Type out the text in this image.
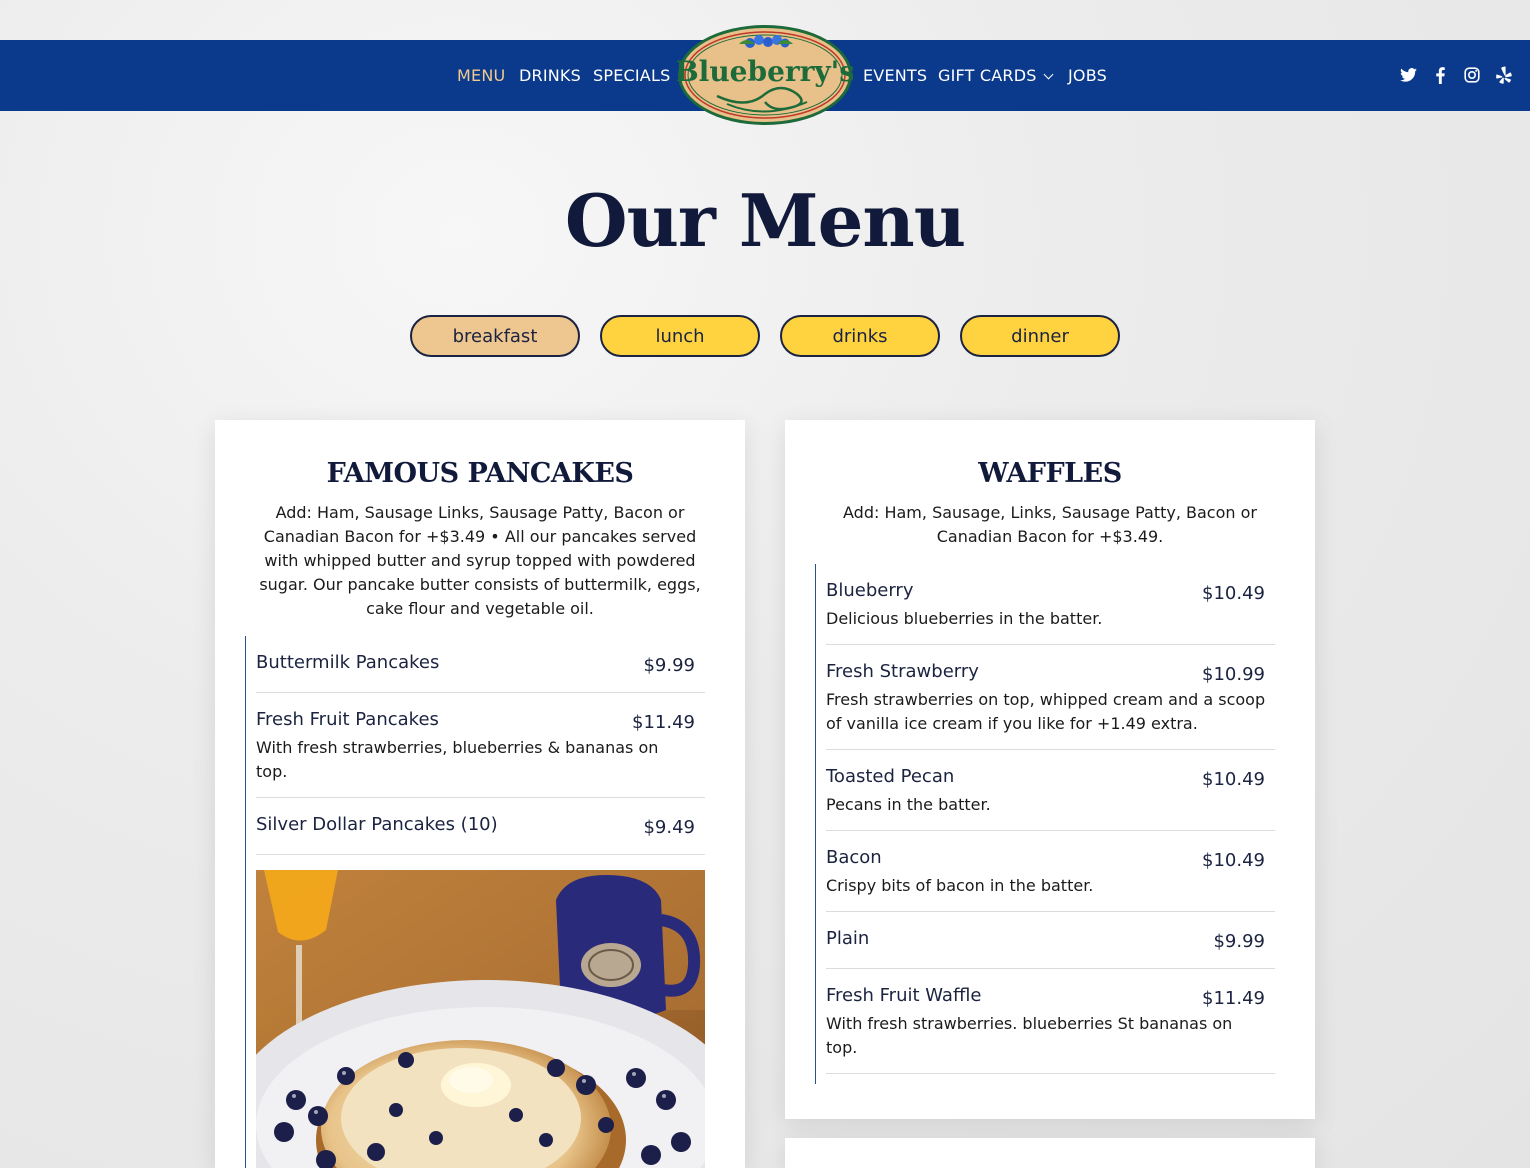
MENU DRINKS SPECIALS	EVENTS GIFT CARDS	JOBS
Blueberry's
Our Menu
breakfast	lunch	drinks	dinner
FAMOUS PANCAKES

Add: Ham, Sausage Links, Sausage Patty, Bacon or Canadian Bacon for +$3.49 • All our pancakes served with whipped butter and syrup topped with powdered sugar. Our pancake butter consists of buttermilk, eggs, cake flour and vegetable oil.

Buttermilk Pancakes	$9.99
Fresh Fruit Pancakes	$11.49

With fresh strawberries, blueberries & bananas on top.

Silver Dollar Pancakes (10)	$9.49
WAFFLES

Add: Ham, Sausage, Links, Sausage Patty, Bacon or Canadian Bacon for +$3.49.

Blueberry	$10.49

Delicious blueberries in the batter.

Fresh Strawberry	$10.99

Fresh strawberries on top, whipped cream and a scoop of vanilla ice cream if you like for +1.49 extra.

Toasted Pecan	$10.49

Pecans in the batter.

Bacon	$10.49

Crispy bits of bacon in the batter.

Plain	$9.99
Fresh Fruit Waffle	$11.49

With fresh strawberries. blueberries St bananas on top.
